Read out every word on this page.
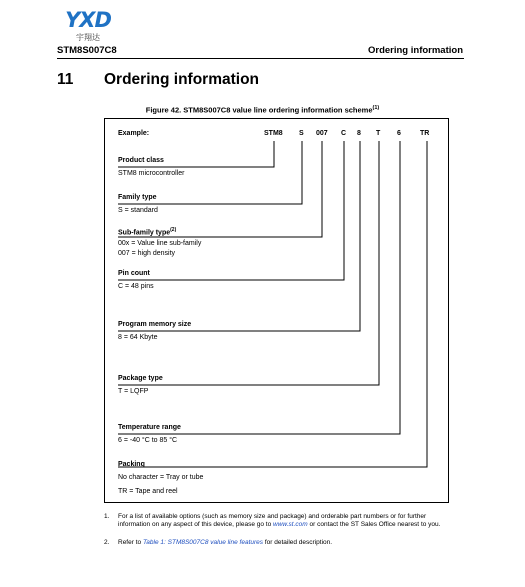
YXD
宇翔达
STM8S007C8	Ordering information
11 Ordering information
Figure 42. STM8S007C8 value line ordering information scheme$^{(1)}$
Example:	STM8 S 007 C 8 T 6	TR
Product class
STM8 microcontroller
Family type
S = standard
Sub-family type$^{(2)}$
00x = Value line sub-family
007 = high density
Pin count
C = 48 pins
Program memory size
8 = 64 Kbyte
Package type
T = LQFP
Temperature range
6 = -40 °C to 85 °C
Packing
No character = Tray or tube
TR = Tape and reel
1. For a list of available options (such as memory size and package) and orderable part numbers or for further information on any aspect of this device, please go to www.st.com or contact the ST Sales Office nearest to you.
2. Refer to Table 1: STM8S007C8 value line features for detailed description.
